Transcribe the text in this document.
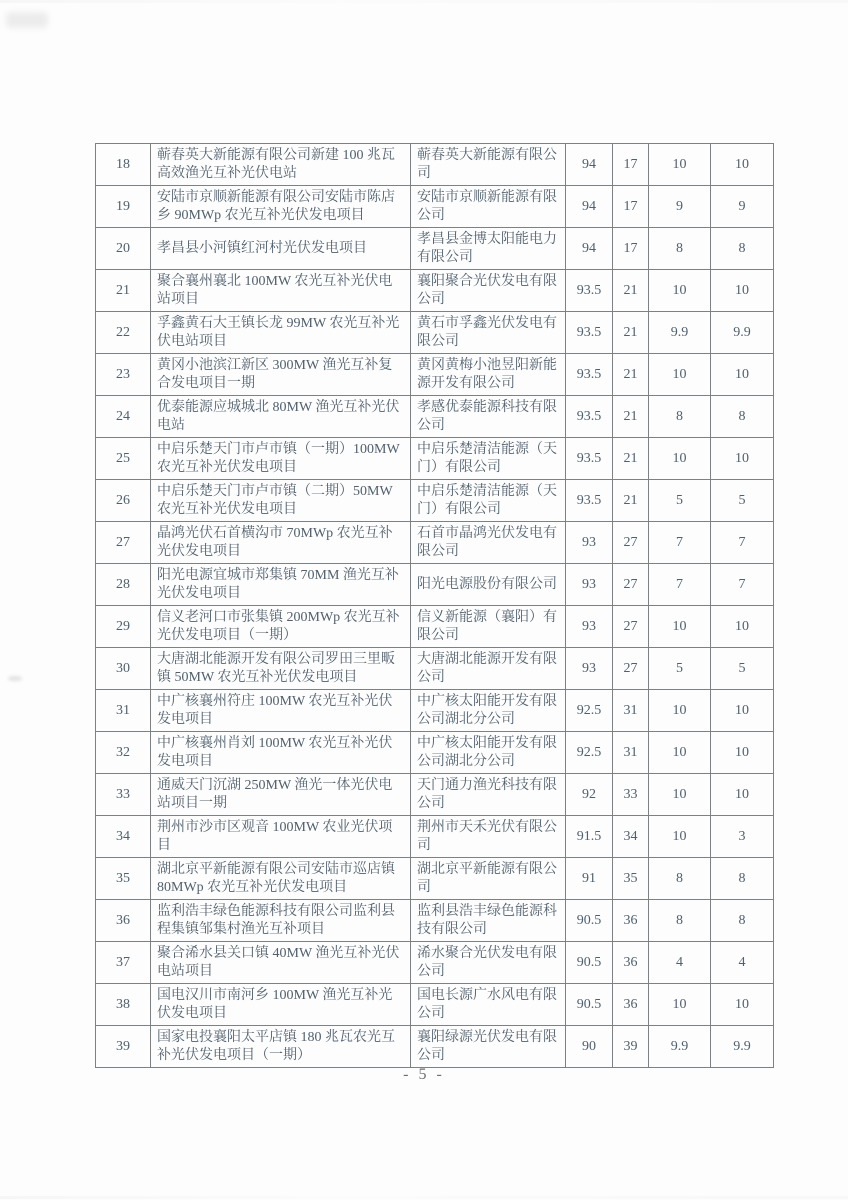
18	蕲春英大新能源有限公司新建 100 兆瓦高效渔光互补光伏电站	蕲春英大新能源有限公司	94	17	10	10
19	安陆市京顺新能源有限公司安陆市陈店乡 90MWp 农光互补光伏发电项目	安陆市京顺新能源有限公司	94	17	9	9
20	孝昌县小河镇红河村光伏发电项目	孝昌县金博太阳能电力有限公司	94	17	8	8
21	聚合襄州襄北 100MW 农光互补光伏电站项目	襄阳聚合光伏发电有限公司	93.5	21	10	10
22	孚鑫黄石大王镇长龙 99MW 农光互补光伏电站项目	黄石市孚鑫光伏发电有限公司	93.5	21	9.9	9.9
23	黄冈小池滨江新区 300MW 渔光互补复合发电项目一期	黄冈黄梅小池昱阳新能源开发有限公司	93.5	21	10	10
24	优泰能源应城城北 80MW 渔光互补光伏电站	孝感优泰能源科技有限公司	93.5	21	8	8
25	中启乐楚天门市卢市镇（一期）100MW 农光互补光伏发电项目	中启乐楚清洁能源（天门）有限公司	93.5	21	10	10
26	中启乐楚天门市卢市镇（二期）50MW 农光互补光伏发电项目	中启乐楚清洁能源（天门）有限公司	93.5	21	5	5
27	晶鸿光伏石首横沟市 70MWp 农光互补光伏发电项目	石首市晶鸿光伏发电有限公司	93	27	7	7
28	阳光电源宜城市郑集镇 70MM 渔光互补光伏发电项目	阳光电源股份有限公司	93	27	7	7
29	信义老河口市张集镇 200MWp 农光互补光伏发电项目（一期）	信义新能源（襄阳）有限公司	93	27	10	10
30	大唐湖北能源开发有限公司罗田三里畈镇 50MW 农光互补光伏发电项目	大唐湖北能源开发有限公司	93	27	5	5
31	中广核襄州符庄 100MW 农光互补光伏发电项目	中广核太阳能开发有限公司湖北分公司	92.5	31	10	10
32	中广核襄州肖刘 100MW 农光互补光伏发电项目	中广核太阳能开发有限公司湖北分公司	92.5	31	10	10
33	通威天门沉湖 250MW 渔光一体光伏电站项目一期	天门通力渔光科技有限公司	92	33	10	10
34	荆州市沙市区观音 100MW 农业光伏项目	荆州市天禾光伏有限公司	91.5	34	10	3
35	湖北京平新能源有限公司安陆市巡店镇 80MWp 农光互补光伏发电项目	湖北京平新能源有限公司	91	35	8	8
36	监利浩丰绿色能源科技有限公司监利县程集镇邹集村渔光互补项目	监利县浩丰绿色能源科技有限公司	90.5	36	8	8
37	聚合浠水县关口镇 40MW 渔光互补光伏电站项目	浠水聚合光伏发电有限公司	90.5	36	4	4
38	国电汉川市南河乡 100MW 渔光互补光伏发电项目	国电长源广水风电有限公司	90.5	36	10	10
39	国家电投襄阳太平店镇 180 兆瓦农光互补光伏发电项目（一期）	襄阳绿源光伏发电有限公司	90	39	9.9	9.9
- 5 -
